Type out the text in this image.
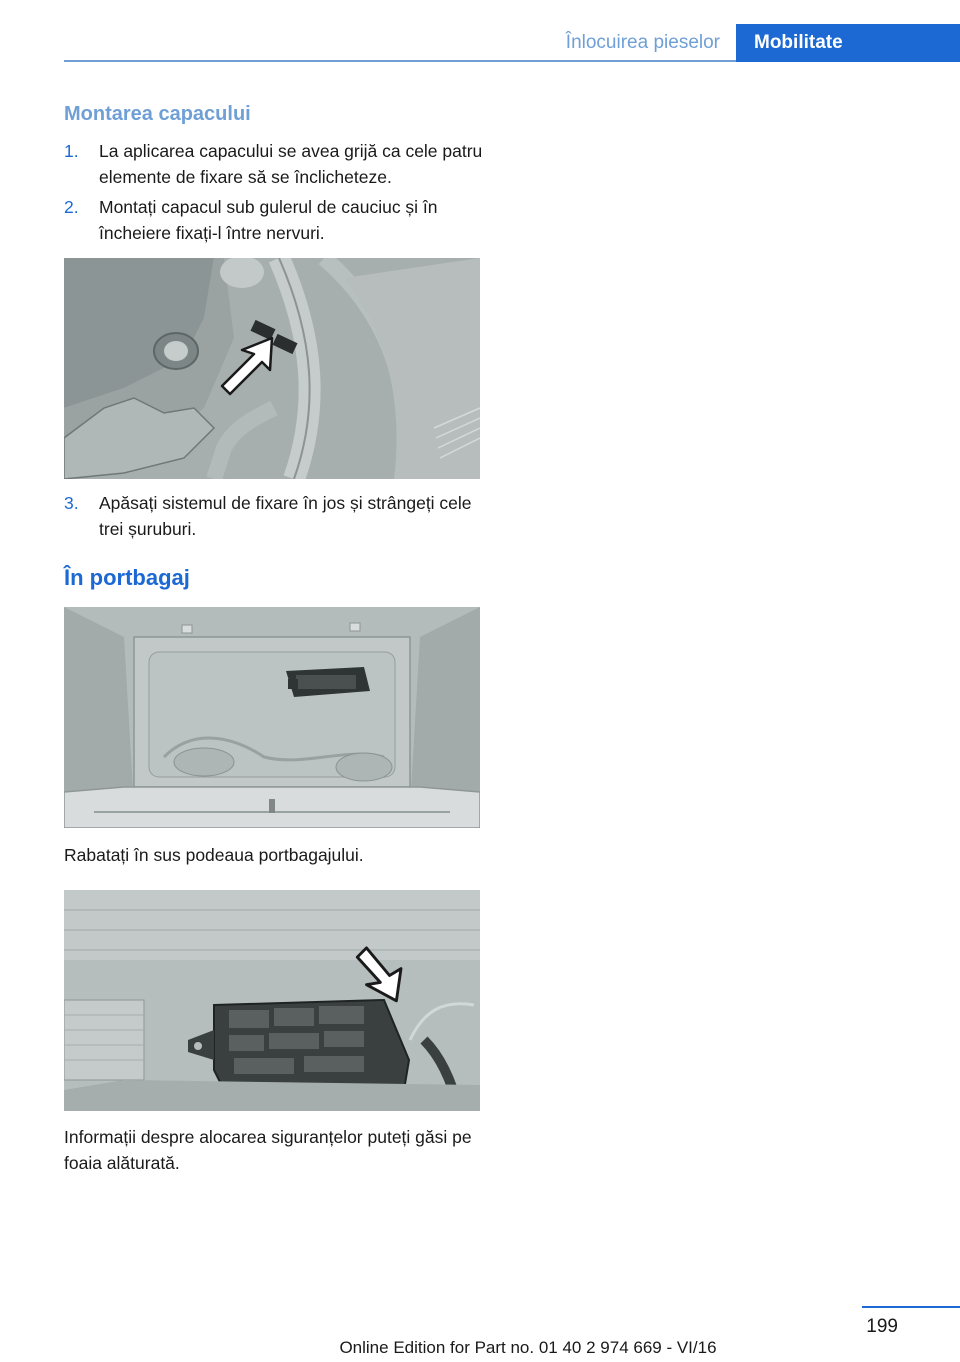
Înlocuirea pieselor	Mobilitate
Montarea capacului
1. La aplicarea capacului se avea grijă ca cele patru elemente de fixare să se înclicheteze.
2. Montați capacul sub gulerul de cauciuc și în încheiere fixați-l între nervuri.
3. Apăsați sistemul de fixare în jos și strângeți cele trei șuruburi.
În portbagaj
Rabatați în sus podeaua portbagajului.
Informații despre alocarea siguranțelor puteți găsi pe foaia alăturată.
199
Online Edition for Part no. 01 40 2 974 669 - VI/16
